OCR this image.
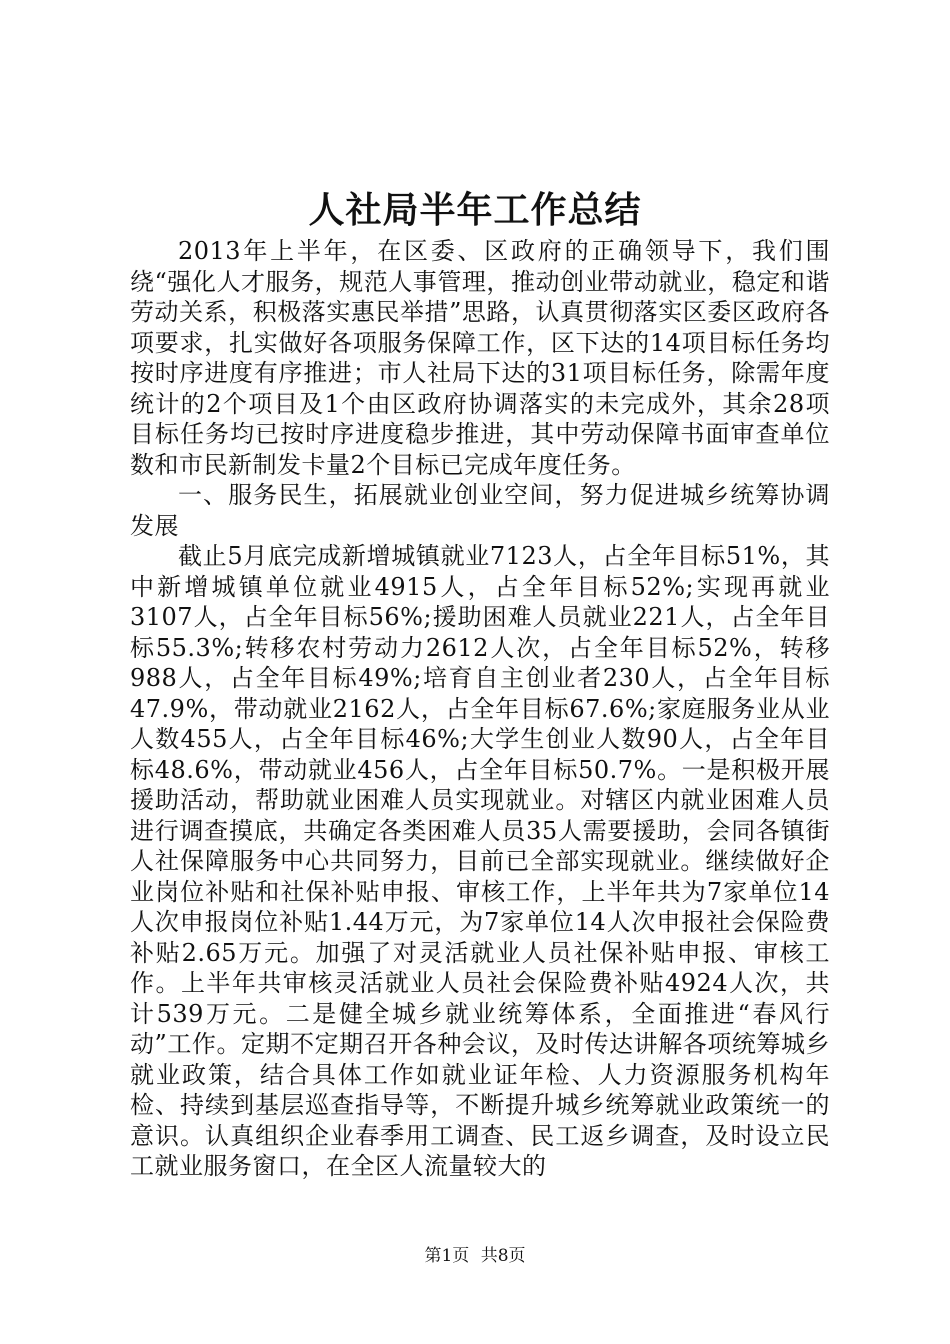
人社局半年工作总结

2013年上半年，在区委、区政府的正确领导下，我们围绕“强化人才服务，规范人事管理，推动创业带动就业，稳定和谐劳动关系，积极落实惠民举措”思路，认真贯彻落实区委区政府各项要求，扎实做好各项服务保障工作，区下达的14项目标任务均按时序进度有序推进；市人社局下达的31项目标任务，除需年度统计的2个项目及1个由区政府协调落实的未完成外，其余28项目标任务均已按时序进度稳步推进，其中劳动保障书面审查单位数和市民新制发卡量2个目标已完成年度任务。

一、服务民生，拓展就业创业空间，努力促进城乡统筹协调发展

截止5月底完成新增城镇就业7123人，占全年目标51%，其中新增城镇单位就业4915人，占全年目标52%;实现再就业3107人，占全年目标56%;援助困难人员就业221人，占全年目标55.3%;转移农村劳动力2612人次，占全年目标52%，转移988人，占全年目标49%;培育自主创业者230人，占全年目标47.9%，带动就业2162人，占全年目标67.6%;家庭服务业从业人数455人，占全年目标46%;大学生创业人数90人，占全年目标48.6%，带动就业456人，占全年目标50.7%。一是积极开展援助活动，帮助就业困难人员实现就业。对辖区内就业困难人员进行调查摸底，共确定各类困难人员35人需要援助，会同各镇街人社保障服务中心共同努力，目前已全部实现就业。继续做好企业岗位补贴和社保补贴申报、审核工作，上半年共为7家单位14人次申报岗位补贴1.44万元，为7家单位14人次申报社会保险费补贴2.65万元。加强了对灵活就业人员社保补贴申报、审核工作。上半年共审核灵活就业人员社会保险费补贴4924人次，共计539万元。二是健全城乡就业统筹体系，全面推进“春风行动”工作。定期不定期召开各种会议，及时传达讲解各项统筹城乡就业政策，结合具体工作如就业证年检、人力资源服务机构年检、持续到基层巡查指导等，不断提升城乡统筹就业政策统一的意识。认真组织企业春季用工调查、民工返乡调查，及时设立民工就业服务窗口，在全区人流量较大的

第1页 共8页
